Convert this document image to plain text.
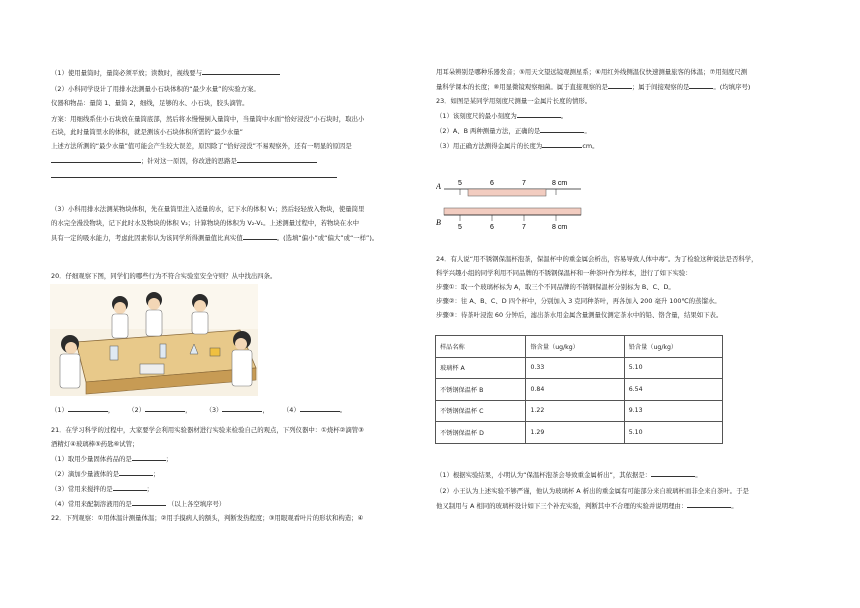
（1）使用量筒时，量筒必须平放；读数时，视线要与

（2）小科同学设计了用排水法测量小石块体积的“最少水量”的实验方案。

仪器和物品：量筒 1、量筒 2，细线，足够的水、小石块，胶头滴管。

方案：用细线系住小石块放在量筒底部，然后将水慢慢倒入量筒中，当量筒中水面“恰好浸没”小石块时，取出小

石块，此时量筒里水的体积，就是测该小石块体积所需的“最少水量”

上述方法所测的“最少水量”值可能会产生较大误差，原因除了“恰好浸没”不易观察外，还有一明显的原因是

；针对这一原因，你改进的思路是

（3）小科用排水法测某物块体积，先在量筒里注入适量的水，记下水的体积 V₁；然后轻轻放入物块，使量筒里

的水完全漫没物块，记下此时水及物块的体积 V₂；计算物块的体积为 V₂-V₁。上述测量过程中，若物块在水中

具有一定的吸水能力，考虑此因素你认为该同学所得测量值比真实值	。(选填“偏小”或“偏大”或“一样”)。

20．仔细观察下图，同学们的哪些行为不符合实验室安全守则？从中找出四条。

（1）	， （2）	， （3）	， （4）	。

21．在学习科学的过程中，大家要学会利用实验器材进行实验来检验自己的观点，下列仪器中：①烧杯②滴管③

酒精灯④玻璃棒⑤药匙⑥试管；

（1）取用少量固体药品的是	；

（2）滴加少量液体的是	；

（3）常用来搅拌的是	；

（4）常用来配制溶液用的是	（以上各空填序号）

22．下列观察：①用体温计测量体温；②用手摸病人的额头，判断发热程度；③用眼观看叶片的形状和构造；④

用耳朵辨别是哪种乐器发音；⑤用天文望远镜观测星系；⑥用红外线侧温仪快速测量旅客的体温；⑦用刻度尺测

量科学课本的长度；⑧用显微镜观察细菌。属于直接观察的是	；属于间接观察的是	。(均填序号)

23．如图是某同学用刻度尺测量一金属片长度的情形。

（1）该刻度尺的最小刻度为	。

（2）A、B 两种测量方法，正确的是	。

（3）用正确方法测得金属片的长度为	cm。

A 5	6	7	8 cm
B
5	6	7	8 cm

24．有人说“用不锈钢保温杯泡茶，保温杯中的重金属会析出，容易导致人体中毒”。为了检验这种说法是否科学，

科学兴趣小组的同学利用不同品牌的不锈钢保温杯和一种茶叶作为样本，进行了如下实验：

步骤①：取一个玻璃杯标为 A，取三个不同品牌的不锈钢保温杯分别标为 B、C、D。

步骤②：往 A、B、C、D 四个杯中，分别加入 3 克同种茶叶，再各加入 200 毫升 100℃的蒸馏水。

步骤③：待茶叶浸泡 60 分钟后，滤出茶水用金属含量测量仪测定茶水中的铅、铬含量，结果如下表。

样品名称	铬含量（ug/kg）	铅含量（ug/kg）
玻璃杯 A	0.33	5.10
不锈钢保温杯 B	0.84	6.54
不锈钢保温杯 C	1.22	9.13
不锈钢保温杯 D	1.29	5.10

（1）根据实验结果，小明认为“保温杯泡茶会导致重金属析出”，其依据是：	。

（2）小王认为上述实验不够严谨，他认为玻璃杯 A 析出的重金属有可能部分来自玻璃杯而非全来自茶叶。于是

他又制用与 A 相同的玻璃杯设计如下三个补充实验，判断其中不合理的实验并说明理由：	。
